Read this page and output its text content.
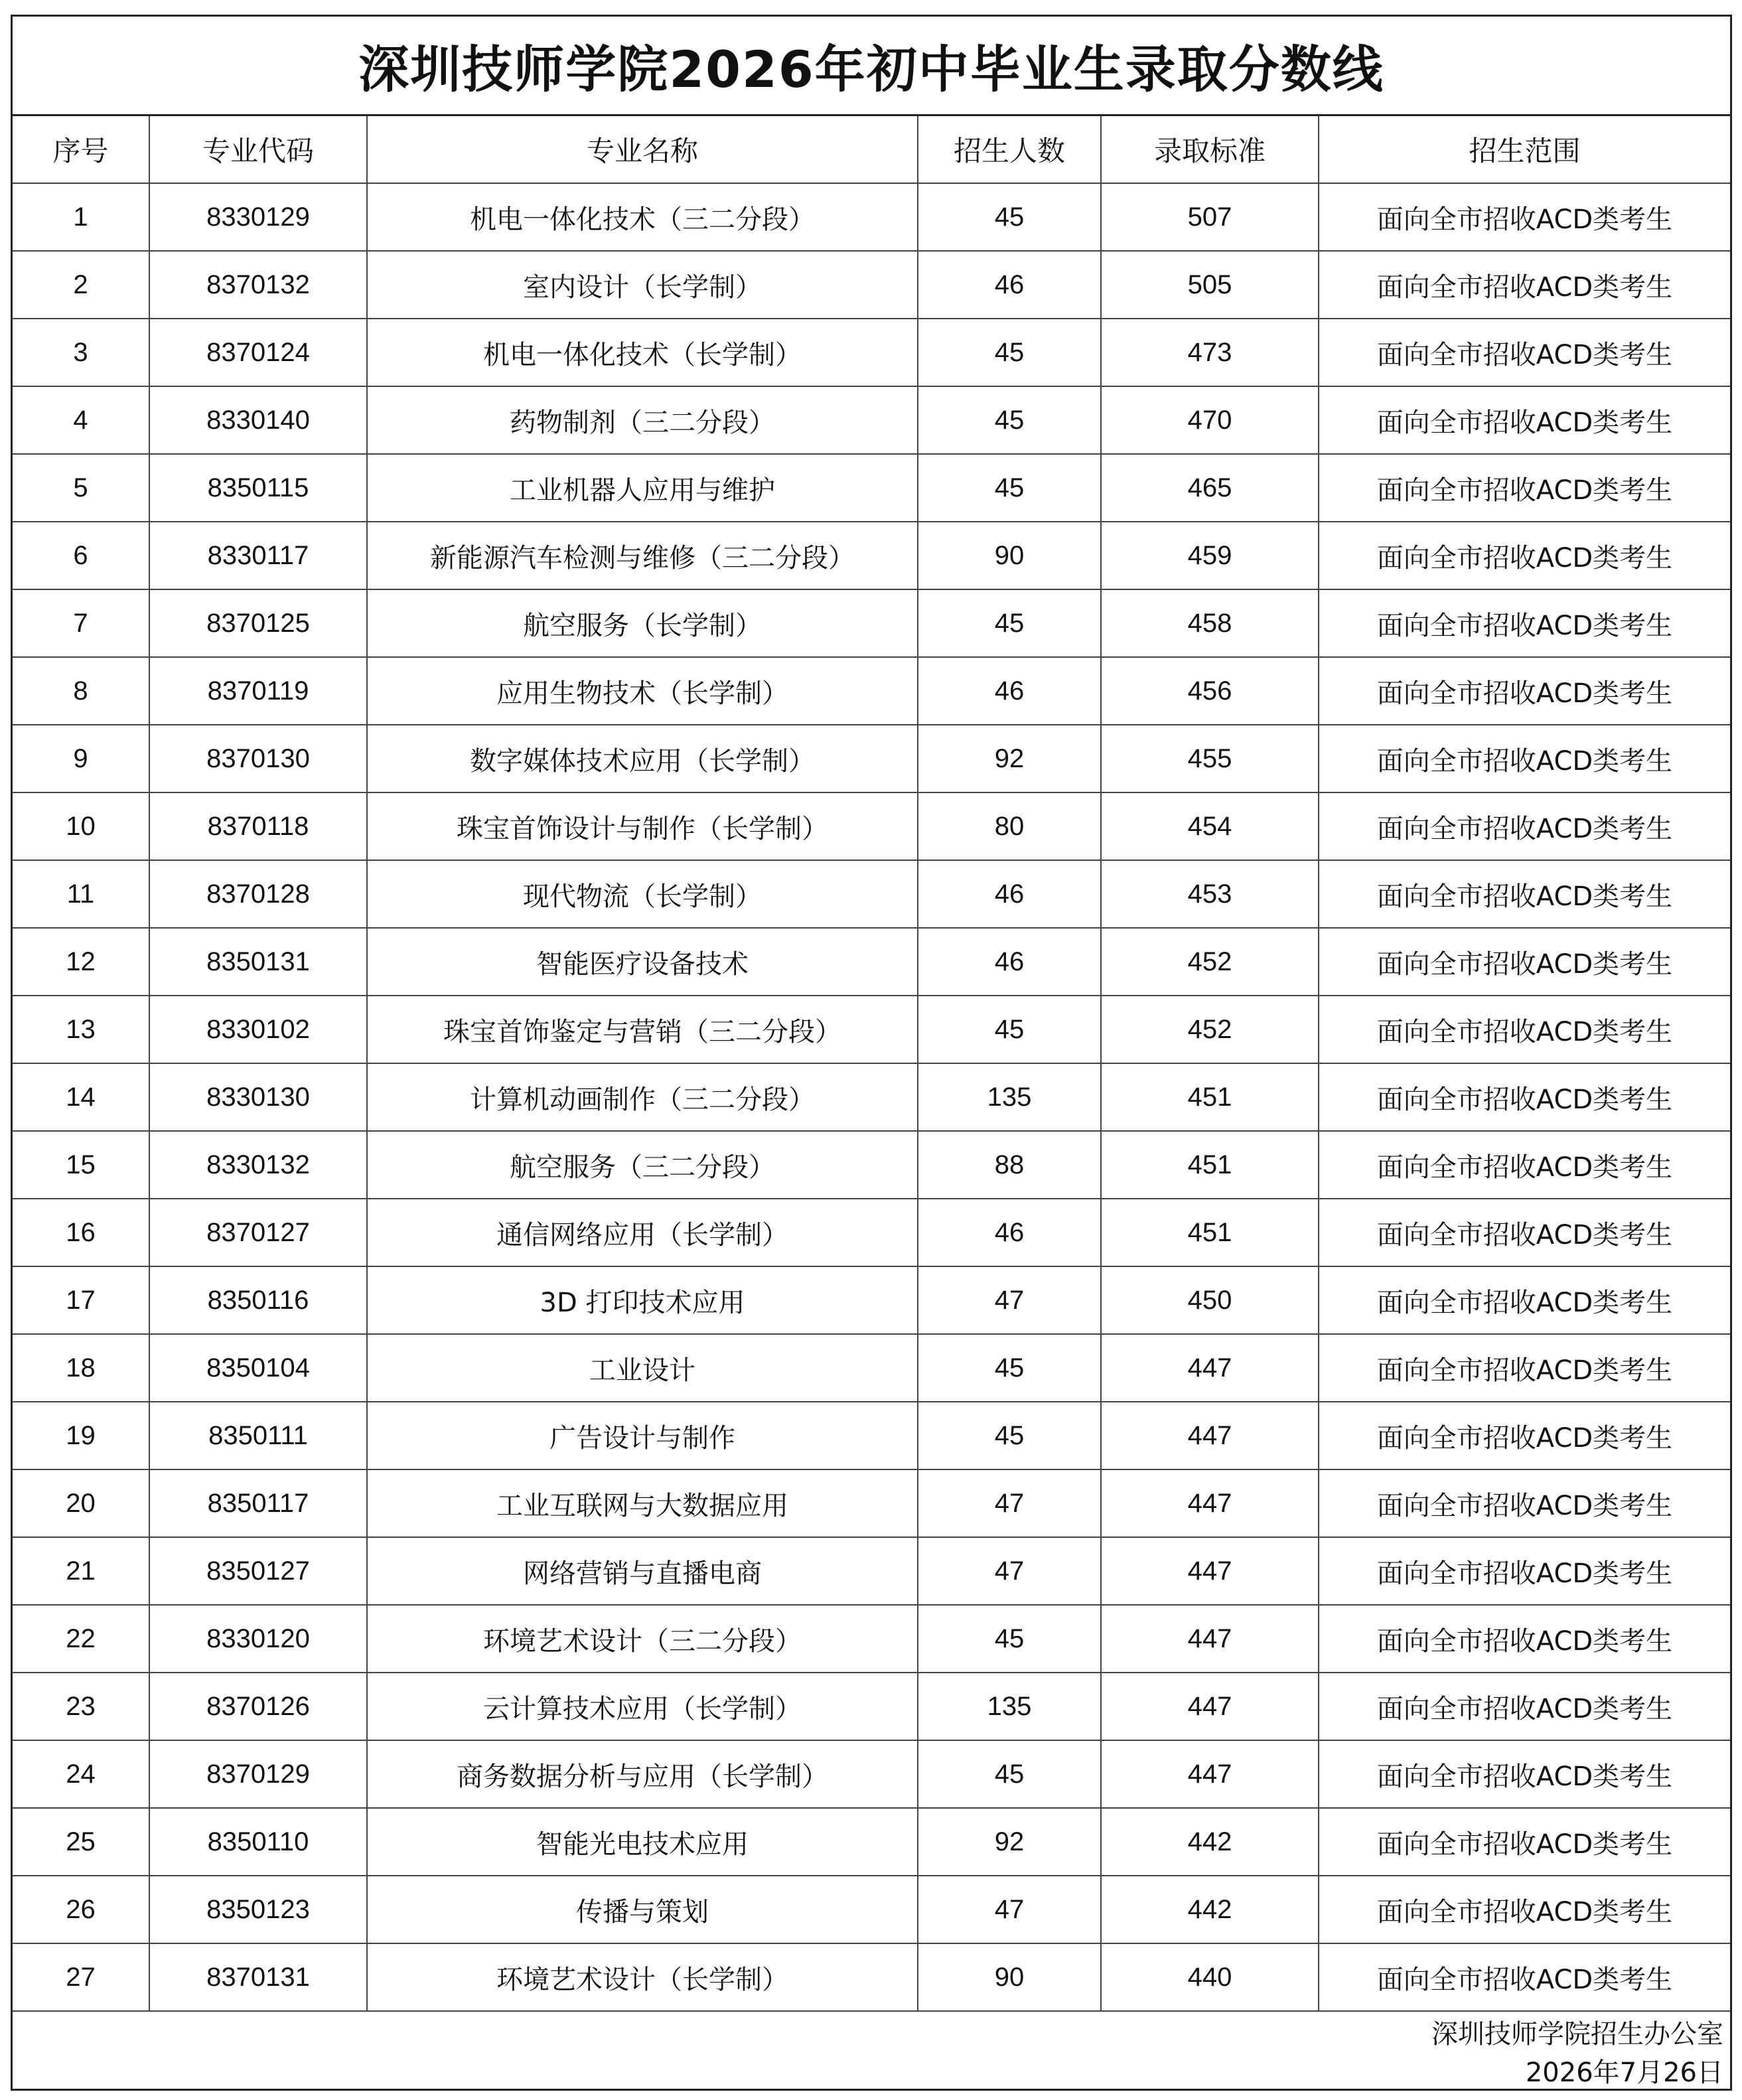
深圳技师学院2026年初中毕业生录取分数线
序号	专业代码	专业名称	招生人数	录取标准	招生范围
1	8330129	机电一体化技术（三二分段）	45	507	面向全市招收ACD类考生
2	8370132	室内设计（长学制）	46	505	面向全市招收ACD类考生
3	8370124	机电一体化技术（长学制）	45	473	面向全市招收ACD类考生
4	8330140	药物制剂（三二分段）	45	470	面向全市招收ACD类考生
5	8350115	工业机器人应用与维护	45	465	面向全市招收ACD类考生
6	8330117	新能源汽车检测与维修（三二分段）	90	459	面向全市招收ACD类考生
7	8370125	航空服务（长学制）	45	458	面向全市招收ACD类考生
8	8370119	应用生物技术（长学制）	46	456	面向全市招收ACD类考生
9	8370130	数字媒体技术应用（长学制）	92	455	面向全市招收ACD类考生
10	8370118	珠宝首饰设计与制作（长学制）	80	454	面向全市招收ACD类考生
11	8370128	现代物流（长学制）	46	453	面向全市招收ACD类考生
12	8350131	智能医疗设备技术	46	452	面向全市招收ACD类考生
13	8330102	珠宝首饰鉴定与营销（三二分段）	45	452	面向全市招收ACD类考生
14	8330130	计算机动画制作（三二分段）	135	451	面向全市招收ACD类考生
15	8330132	航空服务（三二分段）	88	451	面向全市招收ACD类考生
16	8370127	通信网络应用（长学制）	46	451	面向全市招收ACD类考生
17	8350116	3D 打印技术应用	47	450	面向全市招收ACD类考生
18	8350104	工业设计	45	447	面向全市招收ACD类考生
19	8350111	广告设计与制作	45	447	面向全市招收ACD类考生
20	8350117	工业互联网与大数据应用	47	447	面向全市招收ACD类考生
21	8350127	网络营销与直播电商	47	447	面向全市招收ACD类考生
22	8330120	环境艺术设计（三二分段）	45	447	面向全市招收ACD类考生
23	8370126	云计算技术应用（长学制）	135	447	面向全市招收ACD类考生
24	8370129	商务数据分析与应用（长学制）	45	447	面向全市招收ACD类考生
25	8350110	智能光电技术应用	92	442	面向全市招收ACD类考生
26	8350123	传播与策划	47	442	面向全市招收ACD类考生
27	8370131	环境艺术设计（长学制）	90	440	面向全市招收ACD类考生
深圳技师学院招生办公室
2026年7月26日
